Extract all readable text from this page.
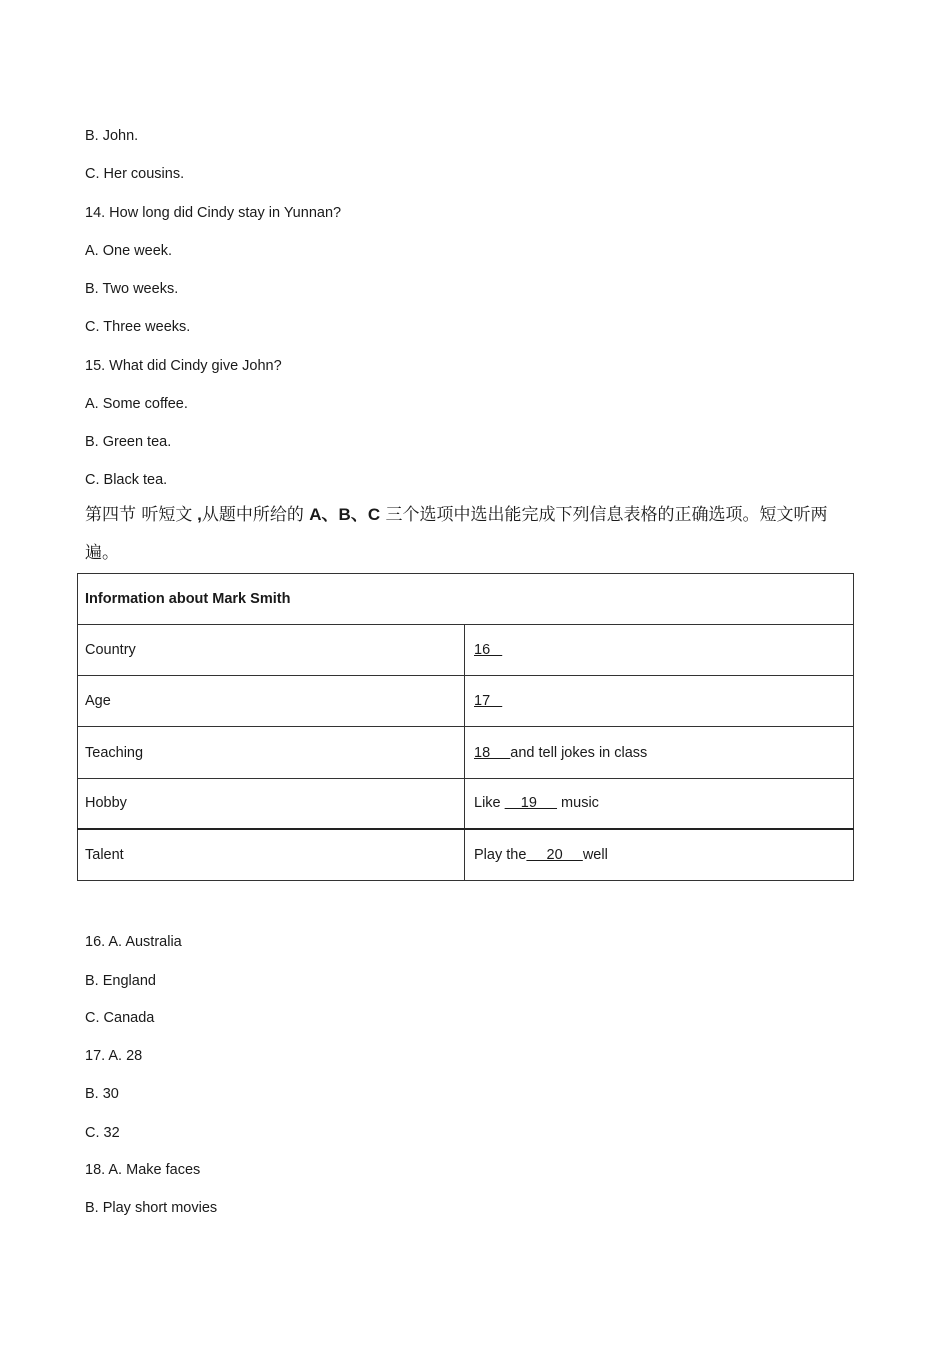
B. John.
C. Her cousins.
14. How long did Cindy stay in Yunnan?
A. One week.
B. Two weeks.
C. Three weeks.
15. What did Cindy give John?
A. Some coffee.
B. Green tea.
C. Black tea.
第四节 听短文 ,从题中所给的 A、B、C 三个选项中选出能完成下列信息表格的正确选项。短文听两遍。
Information about Mark Smith	
Country	16
Age	17
Teaching	18     and tell jokes in class
Hobby	Like     19      music
Talent	Play the     20     well
16. A. Australia
B. England
C. Canada
17. A. 28
B. 30
C. 32
18. A. Make faces
B. Play short movies
